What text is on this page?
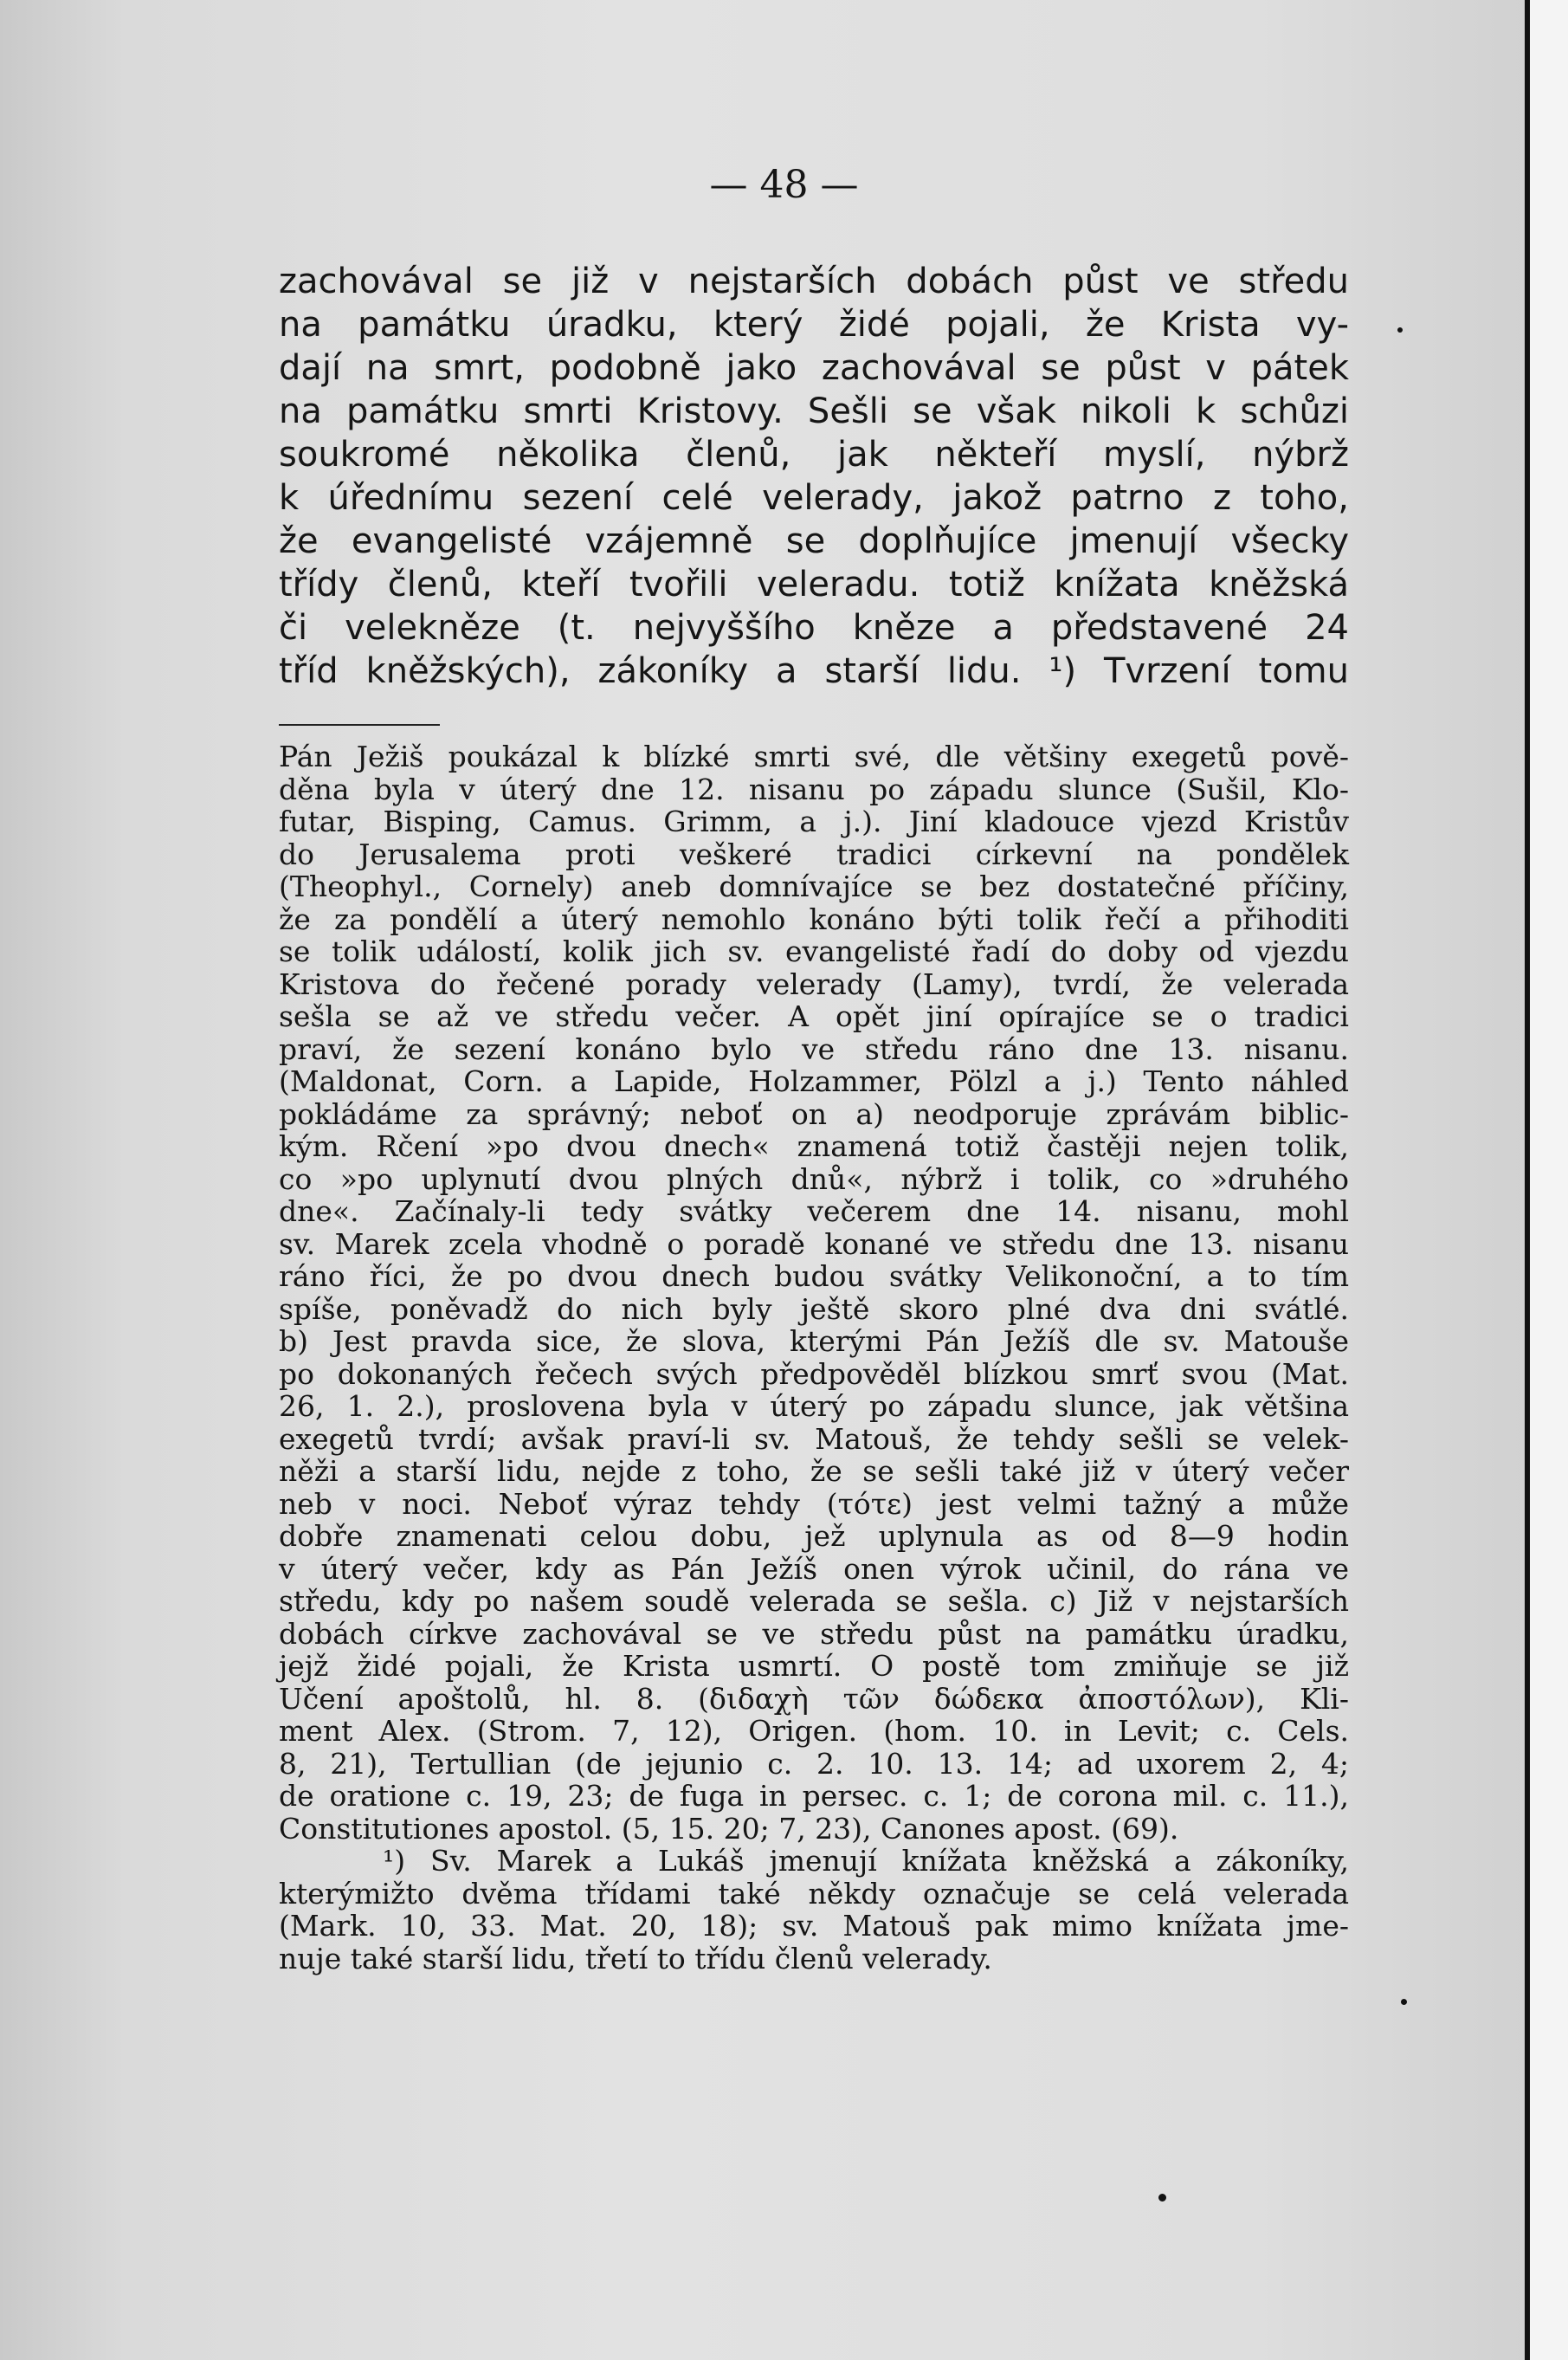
— 48 —
zachovával se již v nejstarších dobách půst ve středu
na památku úradku, který židé pojali, že Krista vy-
dají na smrt, podobně jako zachovával se půst v pátek
na památku smrti Kristovy. Sešli se však nikoli k schůzi
soukromé několika členů, jak někteří myslí, nýbrž
k úřednímu sezení celé velerady, jakož patrno z toho,
že evangelisté vzájemně se doplňujíce jmenují všecky
třídy členů, kteří tvořili veleradu. totiž knížata kněžská
či velekněze (t. nejvyššího kněze a představené 24
tříd kněžských), zákoníky a starší lidu. ¹) Tvrzení tomu
Pán Ježiš poukázal k blízké smrti své, dle většiny exegetů pově-
děna byla v úterý dne 12. nisanu po západu slunce (Sušil, Klo-
futar, Bisping, Camus. Grimm, a j.). Jiní kladouce vjezd Kristův
do Jerusalema proti veškeré tradici církevní na pondělek
(Theophyl., Cornely) aneb domnívajíce se bez dostatečné příčiny,
že za pondělí a úterý nemohlo konáno býti tolik řečí a přihoditi
se tolik událostí, kolik jich sv. evangelisté řadí do doby od vjezdu
Kristova do řečené porady velerady (Lamy), tvrdí, že velerada
sešla se až ve středu večer. A opět jiní opírajíce se o tradici
praví, že sezení konáno bylo ve středu ráno dne 13. nisanu.
(Maldonat, Corn. a Lapide, Holzammer, Pölzl a j.) Tento náhled
pokládáme za správný; neboť on a) neodporuje zprávám biblic-
kým. Rčení »po dvou dnech« znamená totiž častěji nejen tolik,
co »po uplynutí dvou plných dnů«, nýbrž i tolik, co »druhého
dne«. Začínaly-li tedy svátky večerem dne 14. nisanu, mohl
sv. Marek zcela vhodně o poradě konané ve středu dne 13. nisanu
ráno říci, že po dvou dnech budou svátky Velikonoční, a to tím
spíše, poněvadž do nich byly ještě skoro plné dva dni svátlé.
b) Jest pravda sice, že slova, kterými Pán Ježíš dle sv. Matouše
po dokonaných řečech svých předpověděl blízkou smrť svou (Mat.
26, 1. 2.), proslovena byla v úterý po západu slunce, jak většina
exegetů tvrdí; avšak praví-li sv. Matouš, že tehdy sešli se velek-
něži a starší lidu, nejde z toho, že se sešli také již v úterý večer
neb v noci. Neboť výraz tehdy (τότε) jest velmi tažný a může
dobře znamenati celou dobu, jež uplynula as od 8—9 hodin
v úterý večer, kdy as Pán Ježíš onen výrok učinil, do rána ve
středu, kdy po našem soudě velerada se sešla. c) Již v nejstarších
dobách církve zachovával se ve středu půst na památku úradku,
jejž židé pojali, že Krista usmrtí. O postě tom zmiňuje se již
Učení apoštolů, hl. 8. (διδαχὴ τῶν δώδεκα ἀποστόλων), Kli-
ment Alex. (Strom. 7, 12), Origen. (hom. 10. in Levit; c. Cels.
8, 21), Tertullian (de jejunio c. 2. 10. 13. 14; ad uxorem 2, 4;
de oratione c. 19, 23; de fuga in persec. c. 1; de corona mil. c. 11.),
Constitutiones apostol. (5, 15. 20; 7, 23), Canones apost. (69).
¹) Sv. Marek a Lukáš jmenují knížata kněžská a zákoníky,
kterýmižto dvěma třídami také někdy označuje se celá velerada
(Mark. 10, 33. Mat. 20, 18); sv. Matouš pak mimo knížata jme-
nuje také starší lidu, třetí to třídu členů velerady.
